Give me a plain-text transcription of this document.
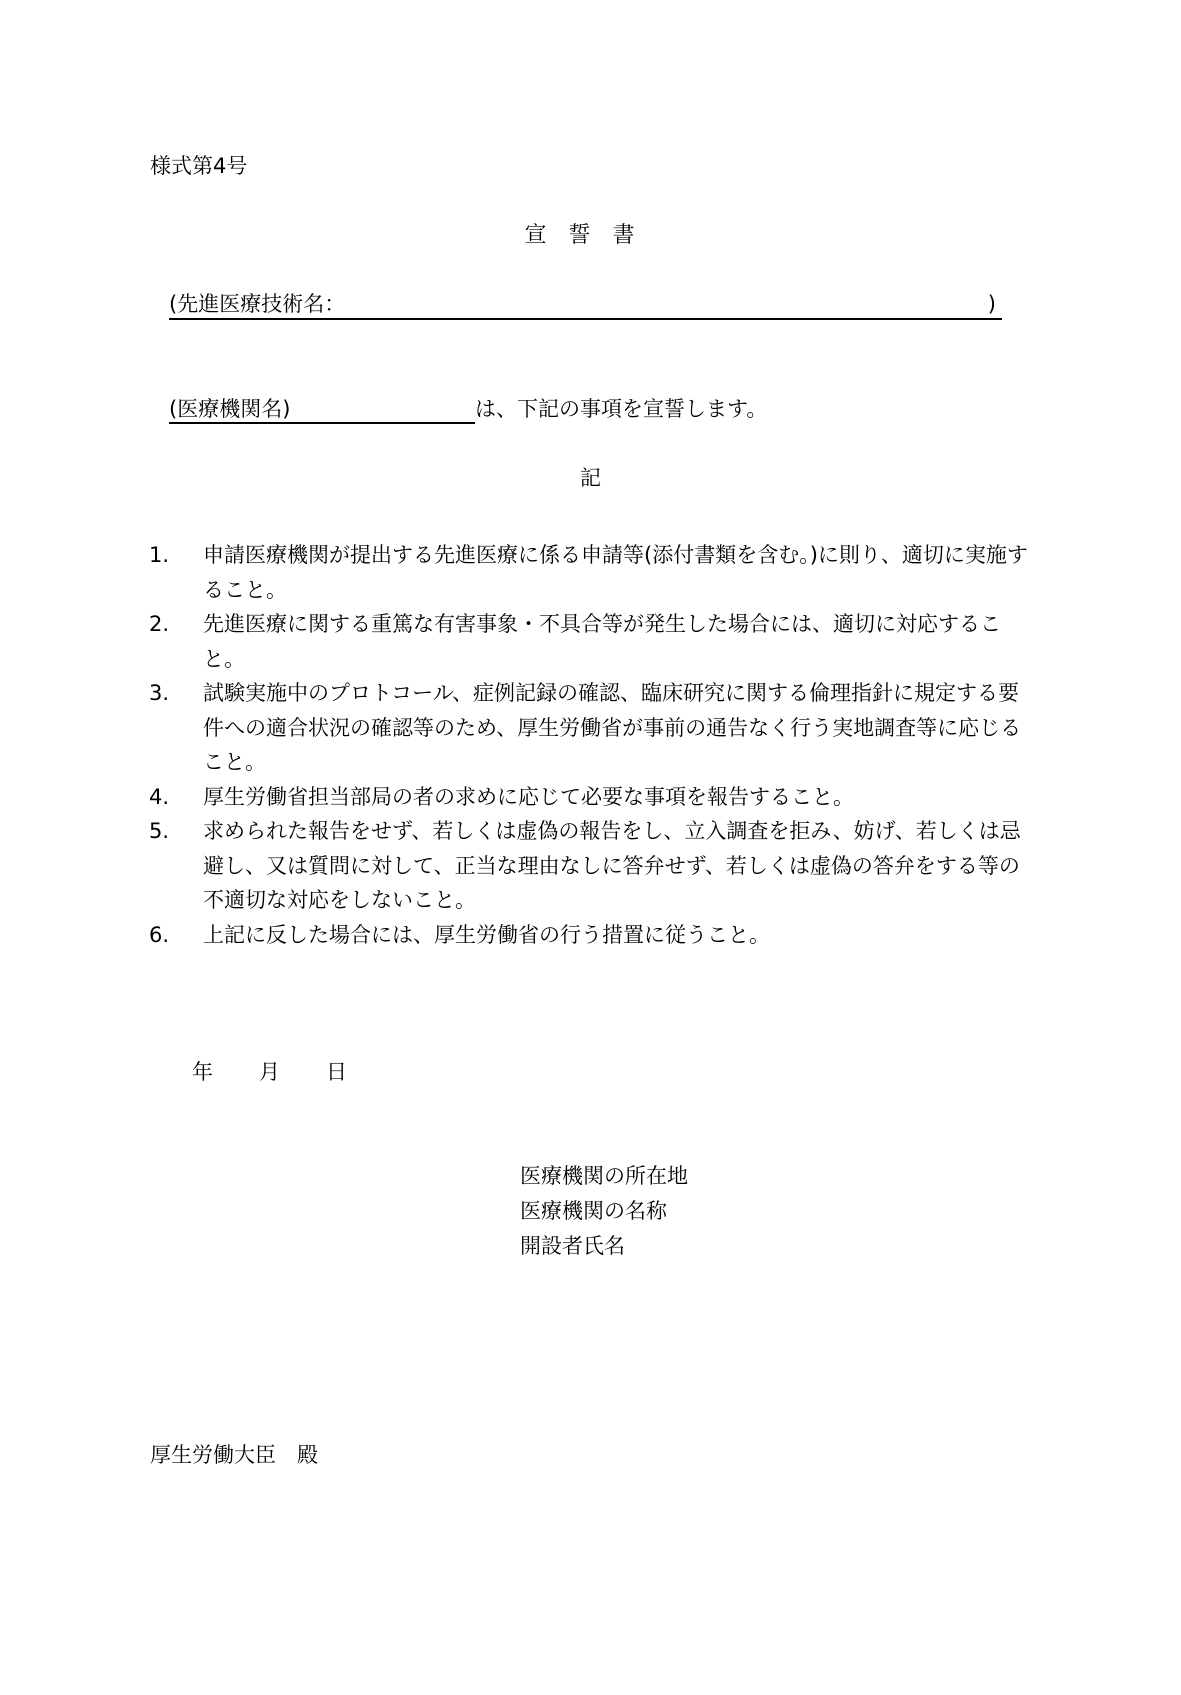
様式第4号
宣誓書
(先進医療技術名：	)
(医療機関名)	は、下記の事項を宣誓します。
記
1.	申請医療機関が提出する先進医療に係る申請等(添付書類を含む。)に則り、適切に実施すること。
2.	先進医療に関する重篤な有害事象・不具合等が発生した場合には、適切に対応すること。
3.	試験実施中のプロトコール、症例記録の確認、臨床研究に関する倫理指針に規定する要件への適合状況の確認等のため、厚生労働省が事前の通告なく行う実地調査等に応じること。
4.	厚生労働省担当部局の者の求めに応じて必要な事項を報告すること。
5.	求められた報告をせず、若しくは虚偽の報告をし、立入調査を拒み、妨げ、若しくは忌避し、又は質問に対して、正当な理由なしに答弁せず、若しくは虚偽の答弁をする等の不適切な対応をしないこと。
6.	上記に反した場合には、厚生労働省の行う措置に従うこと。
年 月 日
医療機関の所在地
医療機関の名称
開設者氏名
厚生労働大臣　殿
